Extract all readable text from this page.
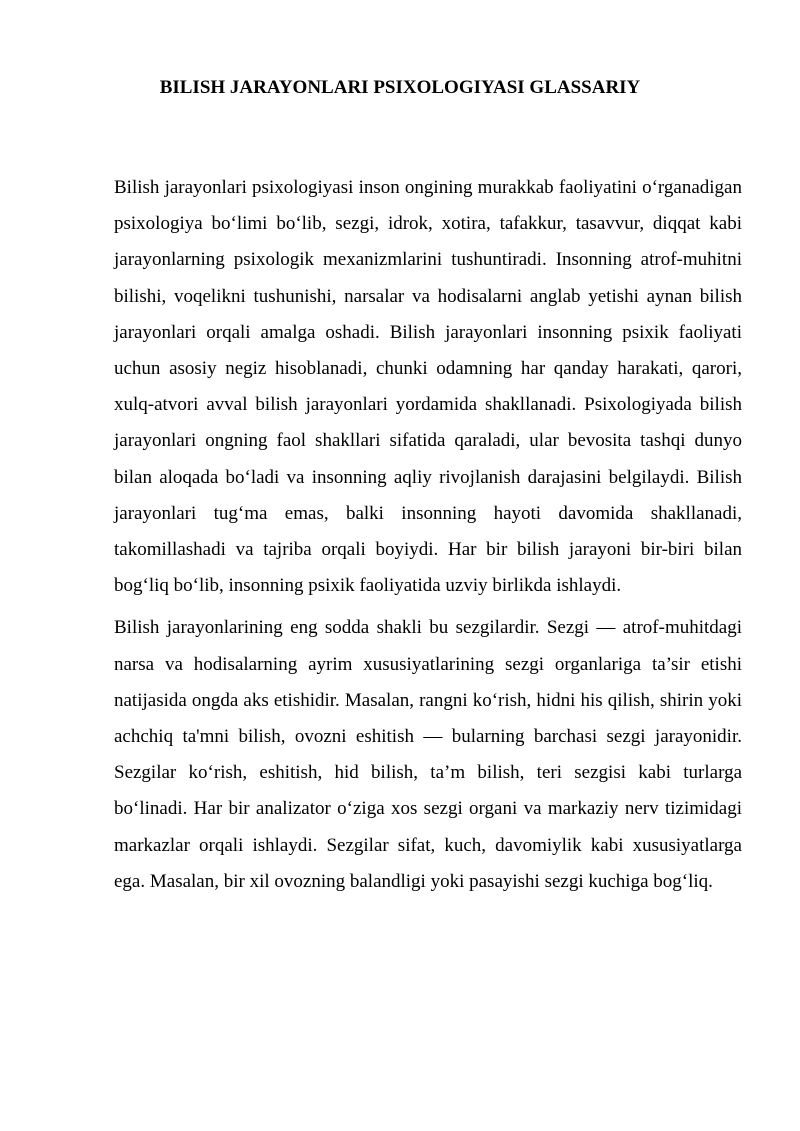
BILISH JARAYONLARI PSIXOLOGIYASI GLASSARIY

Bilish jarayonlari psixologiyasi inson ongining murakkab faoliyatini o‘rganadigan psixologiya bo‘limi bo‘lib, sezgi, idrok, xotira, tafakkur, tasavvur, diqqat kabi jarayonlarning psixologik mexanizmlarini tushuntiradi. Insonning atrof-muhitni bilishi, voqelikni tushunishi, narsalar va hodisalarni anglab yetishi aynan bilish jarayonlari orqali amalga oshadi. Bilish jarayonlari insonning psixik faoliyati uchun asosiy negiz hisoblanadi, chunki odamning har qanday harakati, qarori, xulq-atvori avval bilish jarayonlari yordamida shakllanadi. Psixologiyada bilish jarayonlari ongning faol shakllari sifatida qaraladi, ular bevosita tashqi dunyo bilan aloqada bo‘ladi va insonning aqliy rivojlanish darajasini belgilaydi. Bilish jarayonlari tug‘ma emas, balki insonning hayoti davomida shakllanadi, takomillashadi va tajriba orqali boyiydi. Har bir bilish jarayoni bir-biri bilan bog‘liq bo‘lib, insonning psixik faoliyatida uzviy birlikda ishlaydi.

Bilish jarayonlarining eng sodda shakli bu sezgilardir. Sezgi — atrof-muhitdagi narsa va hodisalarning ayrim xususiyatlarining sezgi organlariga ta’sir etishi natijasida ongda aks etishidir. Masalan, rangni ko‘rish, hidni his qilish, shirin yoki achchiq ta'mni bilish, ovozni eshitish — bularning barchasi sezgi jarayonidir. Sezgilar ko‘rish, eshitish, hid bilish, ta’m bilish, teri sezgisi kabi turlarga bo‘linadi. Har bir analizator o‘ziga xos sezgi organi va markaziy nerv tizimidagi markazlar orqali ishlaydi. Sezgilar sifat, kuch, davomiylik kabi xususiyatlarga ega. Masalan, bir xil ovozning balandligi yoki pasayishi sezgi kuchiga bog‘liq.
